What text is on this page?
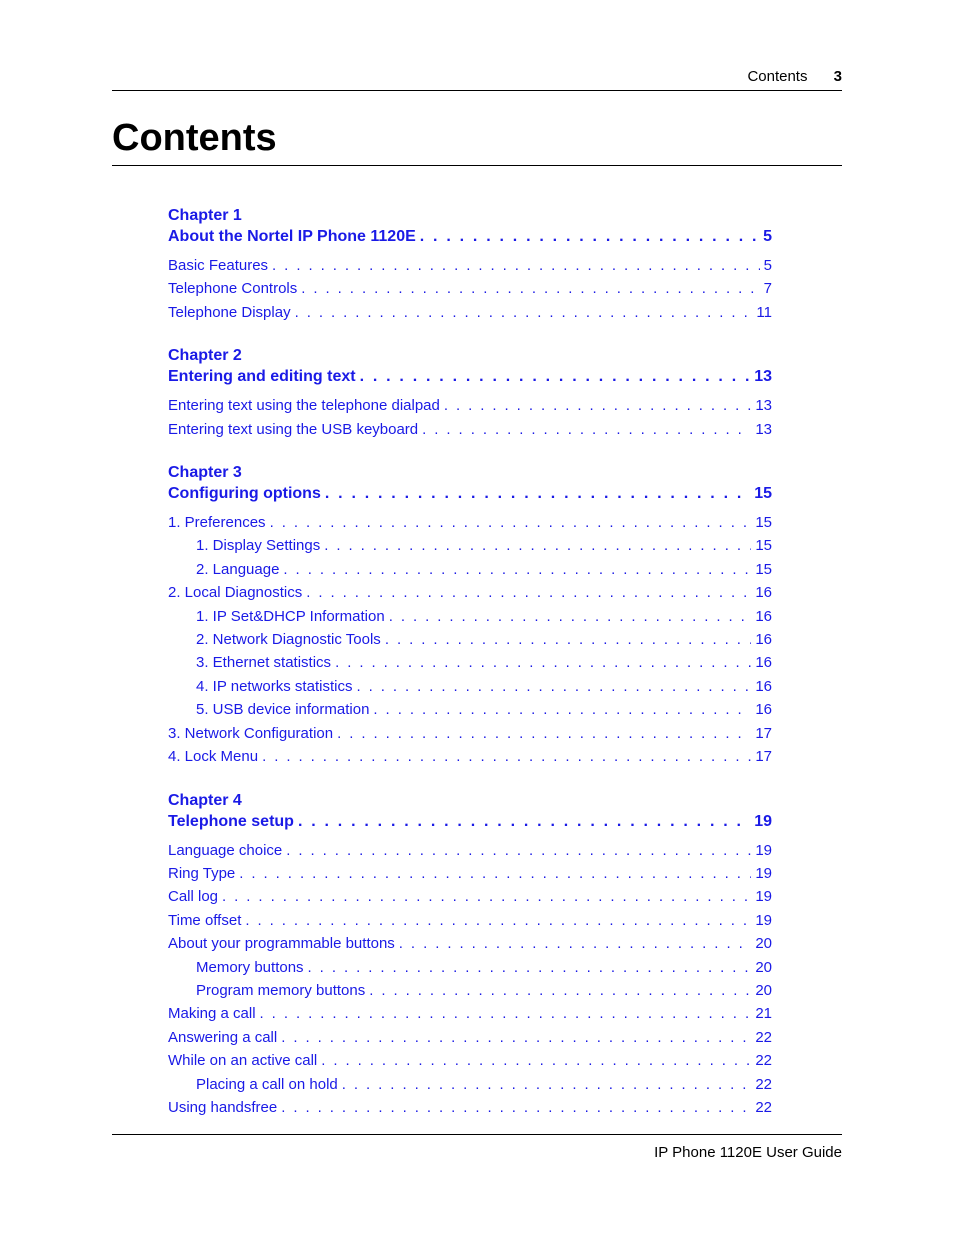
Contents 3
Contents
Chapter 1
About the Nortel IP Phone 1120E . . .	5
Basic Features . . .	5
Telephone Controls . . .	7
Telephone Display . . .	11
Chapter 2
Entering and editing text . . .	13
Entering text using the telephone dialpad . . .	13
Entering text using the USB keyboard . . .	13
Chapter 3
Configuring options . . .	15
1. Preferences . . .	15
1. Display Settings . . .	15
2. Language . . .	15
2. Local Diagnostics . . .	16
1. IP Set&DHCP Information . . .	16
2. Network Diagnostic Tools . . .	16
3. Ethernet statistics . . .	16
4. IP networks statistics . . .	16
5. USB device information . . .	16
3. Network Configuration . . .	17
4. Lock Menu . . .	17
Chapter 4
Telephone setup . . .	19
Language choice . . .	19
Ring Type . . .	19
Call log . . .	19
Time offset . . .	19
About your programmable buttons . . .	20
Memory buttons . . .	20
Program memory buttons . . .	20
Making a call . . .	21
Answering a call . . .	22
While on an active call . . .	22
Placing a call on hold . . .	22
Using handsfree . . .	22
IP Phone 1120E User Guide
